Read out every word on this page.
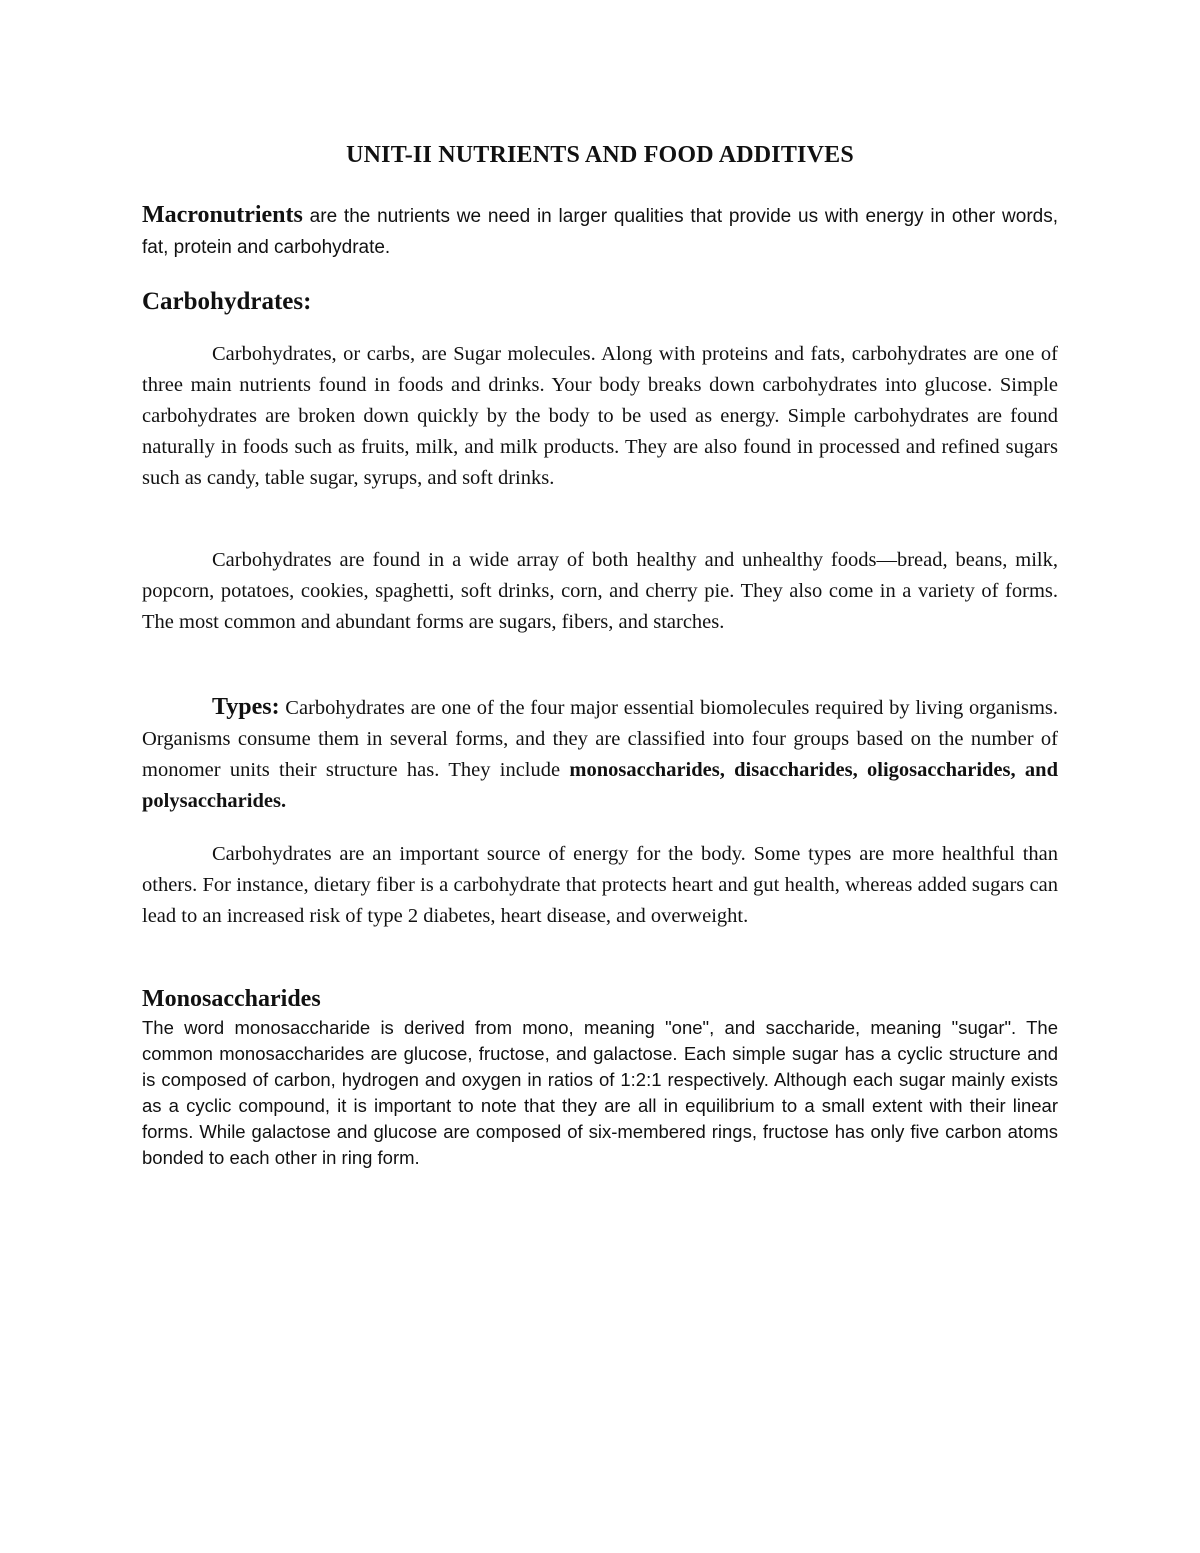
UNIT-II NUTRIENTS AND FOOD ADDITIVES

Macronutrients are the nutrients we need in larger qualities that provide us with energy in other words, fat, protein and carbohydrate.

Carbohydrates:

Carbohydrates, or carbs, are Sugar molecules. Along with proteins and fats, carbohydrates are one of three main nutrients found in foods and drinks. Your body breaks down carbohydrates into glucose. Simple carbohydrates are broken down quickly by the body to be used as energy. Simple carbohydrates are found naturally in foods such as fruits, milk, and milk products. They are also found in processed and refined sugars such as candy, table sugar, syrups, and soft drinks.

Carbohydrates are found in a wide array of both healthy and unhealthy foods—bread, beans, milk, popcorn, potatoes, cookies, spaghetti, soft drinks, corn, and cherry pie. They also come in a variety of forms. The most common and abundant forms are sugars, fibers, and starches.

Types: Carbohydrates are one of the four major essential biomolecules required by living organisms. Organisms consume them in several forms, and they are classified into four groups based on the number of monomer units their structure has. They include monosaccharides, disaccharides, oligosaccharides, and polysaccharides.

Carbohydrates are an important source of energy for the body. Some types are more healthful than others. For instance, dietary fiber is a carbohydrate that protects heart and gut health, whereas added sugars can lead to an increased risk of type 2 diabetes, heart disease, and overweight.

Monosaccharides

The word monosaccharide is derived from mono, meaning "one", and saccharide, meaning "sugar". The common monosaccharides are glucose, fructose, and galactose. Each simple sugar has a cyclic structure and is composed of carbon, hydrogen and oxygen in ratios of 1:2:1 respectively. Although each sugar mainly exists as a cyclic compound, it is important to note that they are all in equilibrium to a small extent with their linear forms. While galactose and glucose are composed of six-membered rings, fructose has only five carbon atoms bonded to each other in ring form.
